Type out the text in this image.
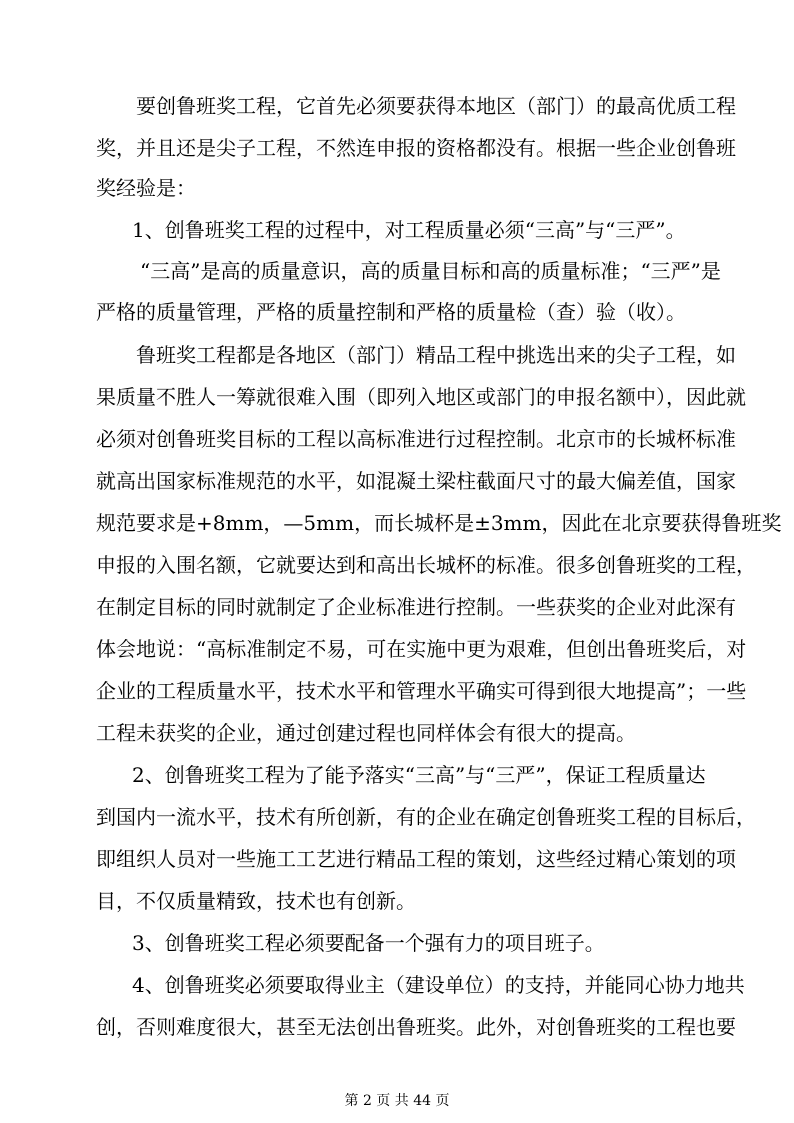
要创鲁班奖工程，它首先必须要获得本地区（部门）的最高优质工程
奖，并且还是尖子工程，不然连申报的资格都没有。根据一些企业创鲁班
奖经验是：
1、创鲁班奖工程的过程中，对工程质量必须“三高”与“三严”。
“三高”是高的质量意识，高的质量目标和高的质量标准；“三严”是
严格的质量管理，严格的质量控制和严格的质量检（查）验（收）。
鲁班奖工程都是各地区（部门）精品工程中挑选出来的尖子工程，如
果质量不胜人一筹就很难入围（即列入地区或部门的申报名额中），因此就
必须对创鲁班奖目标的工程以高标准进行过程控制。北京市的长城杯标准
就高出国家标准规范的水平，如混凝土梁柱截面尺寸的最大偏差值，国家
规范要求是+8mm，—5mm，而长城杯是±3mm，因此在北京要获得鲁班奖
申报的入围名额，它就要达到和高出长城杯的标准。很多创鲁班奖的工程，
在制定目标的同时就制定了企业标准进行控制。一些获奖的企业对此深有
体会地说：“高标准制定不易，可在实施中更为艰难，但创出鲁班奖后，对
企业的工程质量水平，技术水平和管理水平确实可得到很大地提高”；一些
工程未获奖的企业，通过创建过程也同样体会有很大的提高。
2、创鲁班奖工程为了能予落实“三高”与“三严”，保证工程质量达
到国内一流水平，技术有所创新，有的企业在确定创鲁班奖工程的目标后，
即组织人员对一些施工工艺进行精品工程的策划，这些经过精心策划的项
目，不仅质量精致，技术也有创新。
3、创鲁班奖工程必须要配备一个强有力的项目班子。
4、创鲁班奖必须要取得业主（建设单位）的支持，并能同心协力地共
创，否则难度很大，甚至无法创出鲁班奖。此外，对创鲁班奖的工程也要
第 2 页 共 44 页
